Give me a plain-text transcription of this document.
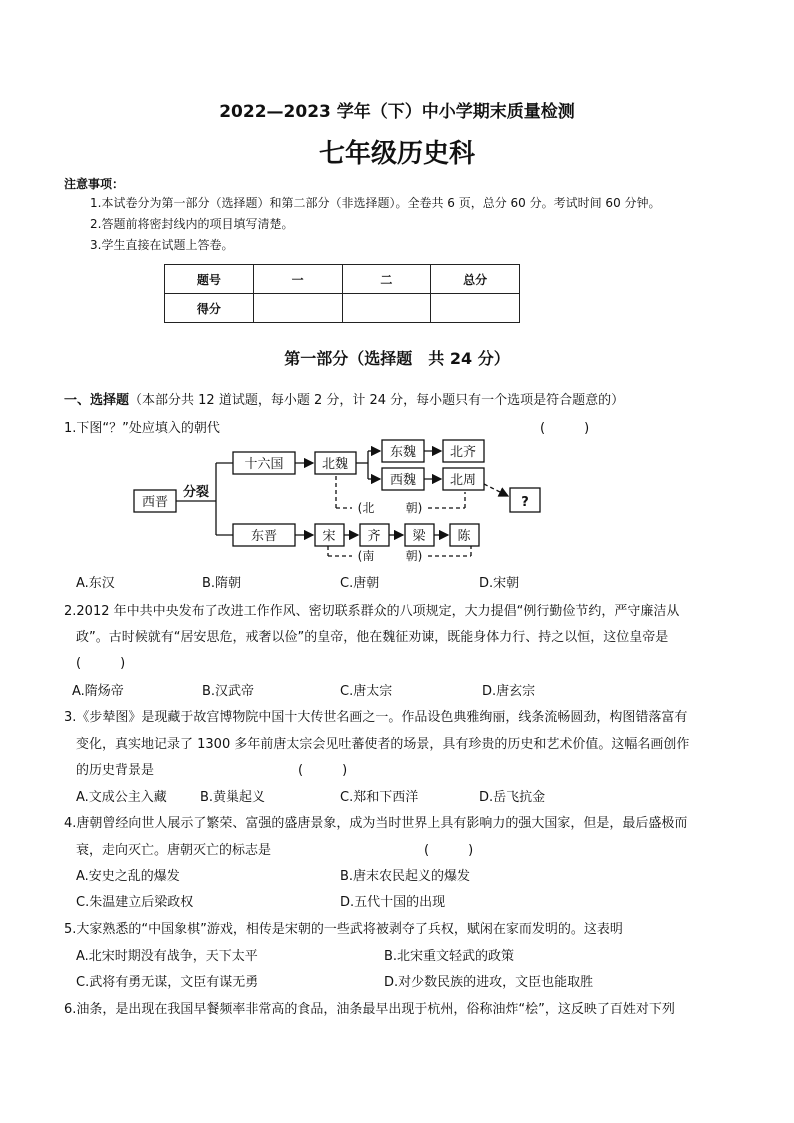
2022—2023 学年（下）中小学期末质量检测
七年级历史科
注意事项：
1.本试卷分为第一部分（选择题）和第二部分（非选择题）。全卷共 6 页，总分 60 分。考试时间 60 分钟。
2.答题前将密封线内的项目填写清楚。
3.学生直接在试题上答卷。
题号	一	二	总分
得分			
第一部分（选择题　共 24 分）
一、选择题（本部分共 12 道试题，每小题 2 分，计 24 分，每小题只有一个选项是符合题意的）
1.下图“？”处应填入的朝代	(　　　)
西晋
十六国	北魏
东魏	北齐
西魏	北周
?
东晋	宋 齐 梁 陈
分裂
(北	朝)
(南	朝)
A.东汉	B.隋朝	C.唐朝	D.宋朝
2.2012 年中共中央发布了改进工作作风、密切联系群众的八项规定，大力提倡“例行勤俭节约，严守廉洁从
政”。古时候就有“居安思危，戒奢以俭”的皇帝，他在魏征劝谏，既能身体力行、持之以恒，这位皇帝是
(　　　)
A.隋炀帝	B.汉武帝	C.唐太宗	D.唐玄宗
3.《步辇图》是现藏于故宫博物院中国十大传世名画之一。作品设色典雅绚丽，线条流畅圆劲，构图错落富有
变化，真实地记录了 1300 多年前唐太宗会见吐蕃使者的场景，具有珍贵的历史和艺术价值。这幅名画创作
的历史背景是	(　　　)
A.文成公主入藏	B.黄巢起义	C.郑和下西洋	D.岳飞抗金
4.唐朝曾经向世人展示了繁荣、富强的盛唐景象，成为当时世界上具有影响力的强大国家，但是，最后盛极而
衰，走向灭亡。唐朝灭亡的标志是	(　　　)
A.安史之乱的爆发	B.唐末农民起义的爆发
C.朱温建立后梁政权	D.五代十国的出现
5.大家熟悉的“中国象棋”游戏，相传是宋朝的一些武将被剥夺了兵权，赋闲在家而发明的。这表明
A.北宋时期没有战争，天下太平	B.北宋重文轻武的政策
C.武将有勇无谋，文臣有谋无勇	D.对少数民族的进攻，文臣也能取胜
6.油条，是出现在我国早餐频率非常高的食品，油条最早出现于杭州，俗称油炸“桧”，这反映了百姓对下列
